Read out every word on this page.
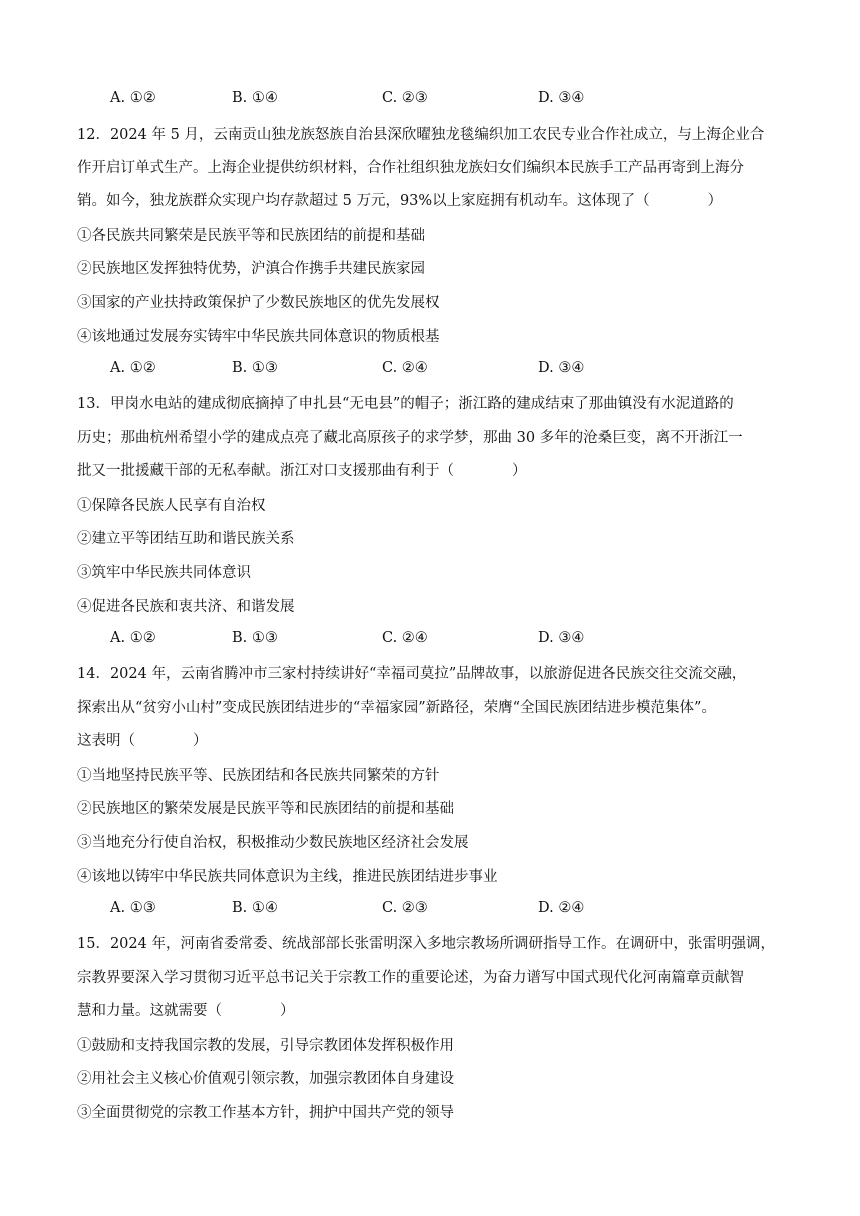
A. ①②	B. ①④	C. ②③	D. ③④
12．2024 年 5 月，云南贡山独龙族怒族自治县深欣曜独龙毯编织加工农民专业合作社成立，与上海企业合
作开启订单式生产。上海企业提供纺织材料，合作社组织独龙族妇女们编织本民族手工产品再寄到上海分
销。如今，独龙族群众实现户均存款超过 5 万元，93%以上家庭拥有机动车。这体现了（　　　　）
①各民族共同繁荣是民族平等和民族团结的前提和基础
②民族地区发挥独特优势，沪滇合作携手共建民族家园
③国家的产业扶持政策保护了少数民族地区的优先发展权
④该地通过发展夯实铸牢中华民族共同体意识的物质根基
A. ①②	B. ①③	C. ②④	D. ③④
13．甲岗水电站的建成彻底摘掉了申扎县“无电县”的帽子；浙江路的建成结束了那曲镇没有水泥道路的
历史；那曲杭州希望小学的建成点亮了藏北高原孩子的求学梦，那曲 30 多年的沧桑巨变，离不开浙江一
批又一批援藏干部的无私奉献。浙江对口支援那曲有利于（　　　　）
①保障各民族人民享有自治权
②建立平等团结互助和谐民族关系
③筑牢中华民族共同体意识
④促进各民族和衷共济、和谐发展
A. ①②	B. ①③	C. ②④	D. ③④
14．2024 年，云南省腾冲市三家村持续讲好“幸福司莫拉”品牌故事，以旅游促进各民族交往交流交融，
探索出从“贫穷小山村”变成民族团结进步的“幸福家园”新路径，荣膺“全国民族团结进步模范集体”。
这表明（　　　　）
①当地坚持民族平等、民族团结和各民族共同繁荣的方针
②民族地区的繁荣发展是民族平等和民族团结的前提和基础
③当地充分行使自治权，积极推动少数民族地区经济社会发展
④该地以铸牢中华民族共同体意识为主线，推进民族团结进步事业
A. ①③	B. ①④	C. ②③	D. ②④
15．2024 年，河南省委常委、统战部部长张雷明深入多地宗教场所调研指导工作。在调研中，张雷明强调，
宗教界要深入学习贯彻习近平总书记关于宗教工作的重要论述，为奋力谱写中国式现代化河南篇章贡献智
慧和力量。这就需要（　　　　）
①鼓励和支持我国宗教的发展，引导宗教团体发挥积极作用
②用社会主义核心价值观引领宗教，加强宗教团体自身建设
③全面贯彻党的宗教工作基本方针，拥护中国共产党的领导
